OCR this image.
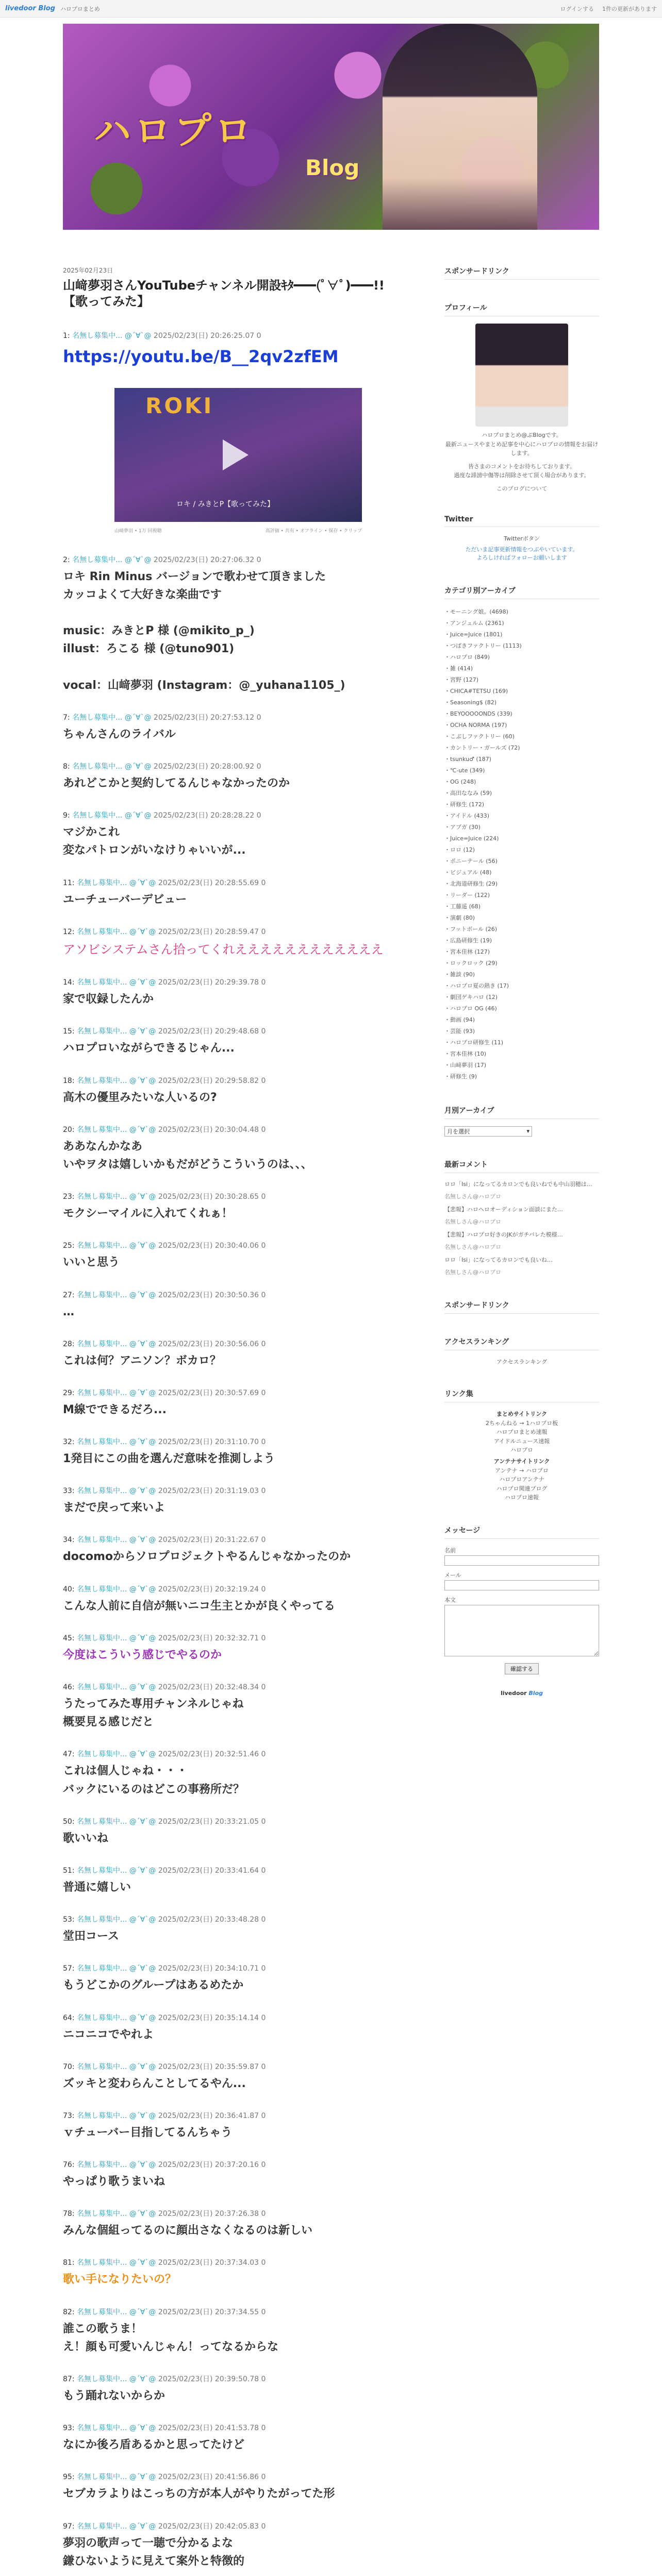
livedoor Blog ハロプロまとめ	ログインする 1件の更新があります
ハロプロ
Blog
2025年02月23日
山﨑夢羽さんYouTubeチャンネル開設ｷﾀ━━━(ﾟ∀ﾟ)━━━!!【歌ってみた】
1: 名無し募集中... @ˊ∀ˋ@ 2025/02/23(日) 20:26:25.07 0
https://youtu.be/B__2qv2zfEM
ROKI
ロキ / みきとP【歌ってみた】
山﨑夢羽 • 1万 回視聴	高評価 • 共有 • オフライン • 保存 • クリップ
2: 名無し募集中... @ˊ∀ˋ@ 2025/02/23(日) 20:27:06.32 0
ロキ Rin Minus バージョンで歌わせて頂きました
カッコよくて大好きな楽曲です

music：みきとP 様 (@mikito_p_)
illust：ろこる 様 (@tuno901)

vocal：山﨑夢羽 (Instagram：@_yuhana1105_)
7: 名無し募集中... @ˊ∀ˋ@ 2025/02/23(日) 20:27:53.12 0
ちゃんさんのライバル
8: 名無し募集中... @ˊ∀ˋ@ 2025/02/23(日) 20:28:00.92 0
あれどこかと契約してるんじゃなかったのか
9: 名無し募集中... @ˊ∀ˋ@ 2025/02/23(日) 20:28:28.22 0
マジかこれ
変なパトロンがいなけりゃいいが...
11: 名無し募集中... @ˊ∀ˋ@ 2025/02/23(日) 20:28:55.69 0
ユーチューバーデビュー
12: 名無し募集中... @ˊ∀ˋ@ 2025/02/23(日) 20:28:59.47 0
アソビシステムさん拾ってくれええええええええええええ
14: 名無し募集中... @ˊ∀ˋ@ 2025/02/23(日) 20:29:39.78 0
家で収録したんか
15: 名無し募集中... @ˊ∀ˋ@ 2025/02/23(日) 20:29:48.68 0
ハロプロいながらできるじゃん...
18: 名無し募集中... @ˊ∀ˋ@ 2025/02/23(日) 20:29:58.82 0
高木の優里みたいな人いるの?
20: 名無し募集中... @ˊ∀ˋ@ 2025/02/23(日) 20:30:04.48 0
ああなんかなあ
いやヲタは嬉しいかもだがどうこういうのは、、、
23: 名無し募集中... @ˊ∀ˋ@ 2025/02/23(日) 20:30:28.65 0
モクシーマイルに入れてくれぁ！
25: 名無し募集中... @ˊ∀ˋ@ 2025/02/23(日) 20:30:40.06 0
いいと思う
27: 名無し募集中... @ˊ∀ˋ@ 2025/02/23(日) 20:30:50.36 0
…
28: 名無し募集中... @ˊ∀ˋ@ 2025/02/23(日) 20:30:56.06 0
これは何？アニソン？ボカロ？
29: 名無し募集中... @ˊ∀ˋ@ 2025/02/23(日) 20:30:57.69 0
M線でできるだろ...
32: 名無し募集中... @ˊ∀ˋ@ 2025/02/23(日) 20:31:10.70 0
1発目にこの曲を選んだ意味を推測しよう
33: 名無し募集中... @ˊ∀ˋ@ 2025/02/23(日) 20:31:19.03 0
まだで戻って来いよ
34: 名無し募集中... @ˊ∀ˋ@ 2025/02/23(日) 20:31:22.67 0
docomoからソロプロジェクトやるんじゃなかったのか
40: 名無し募集中... @ˊ∀ˋ@ 2025/02/23(日) 20:32:19.24 0
こんな人前に自信が無いニコ生主とかが良くやってる
45: 名無し募集中... @ˊ∀ˋ@ 2025/02/23(日) 20:32:32.71 0
今度はこういう感じでやるのか
46: 名無し募集中... @ˊ∀ˋ@ 2025/02/23(日) 20:32:48.34 0
うたってみた専用チャンネルじゃね
概要見る感じだと
47: 名無し募集中... @ˊ∀ˋ@ 2025/02/23(日) 20:32:51.46 0
これは個人じゃね・・・
バックにいるのはどこの事務所だ？
50: 名無し募集中... @ˊ∀ˋ@ 2025/02/23(日) 20:33:21.05 0
歌いいね
51: 名無し募集中... @ˊ∀ˋ@ 2025/02/23(日) 20:33:41.64 0
普通に嬉しい
53: 名無し募集中... @ˊ∀ˋ@ 2025/02/23(日) 20:33:48.28 0
堂田コース
57: 名無し募集中... @ˊ∀ˋ@ 2025/02/23(日) 20:34:10.71 0
もうどこかのグループはあるめたか
64: 名無し募集中... @ˊ∀ˋ@ 2025/02/23(日) 20:35:14.14 0
ニコニコでやれよ
70: 名無し募集中... @ˊ∀ˋ@ 2025/02/23(日) 20:35:59.87 0
ズッキと変わらんことしてるやん...
73: 名無し募集中... @ˊ∀ˋ@ 2025/02/23(日) 20:36:41.87 0
ｖチューバー目指してるんちゃう
76: 名無し募集中... @ˊ∀ˋ@ 2025/02/23(日) 20:37:20.16 0
やっぱり歌うまいね
78: 名無し募集中... @ˊ∀ˋ@ 2025/02/23(日) 20:37:26.38 0
みんな個組ってるのに顔出さなくなるのは新しい
81: 名無し募集中... @ˊ∀ˋ@ 2025/02/23(日) 20:37:34.03 0
歌い手になりたいの？
82: 名無し募集中... @ˊ∀ˋ@ 2025/02/23(日) 20:37:34.55 0
誰この歌うま！
え！顔も可愛いんじゃん！ってなるからな
87: 名無し募集中... @ˊ∀ˋ@ 2025/02/23(日) 20:39:50.78 0
もう踊れないからか
93: 名無し募集中... @ˊ∀ˋ@ 2025/02/23(日) 20:41:53.78 0
なにか後ろ盾あるかと思ってたけど
95: 名無し募集中... @ˊ∀ˋ@ 2025/02/23(日) 20:41:56.86 0
セブカラよりはこっちの方が本人がやりたがってた形
97: 名無し募集中... @ˊ∀ˋ@ 2025/02/23(日) 20:42:05.83 0
夢羽の歌声って一聴で分かるよな
鎌ひないように見えて案外と特徴的
スポンサードリンク
プロフィール
ハロプロまとめ@ぶBlogです。
最新ニュースやまとめ記事を中心にハロプロの情報をお届けします。
皆さまのコメントをお待ちしております。
過度な誹謗中傷等は削除させて頂く場合があります。
このブログについて
Twitter
Twitterボタン
ただいま記事更新情報をつぶやいています。
よろしければフォローお願いします
カテゴリ別アーカイブ
・ モーニング娘。(4698)
・ アンジュルム (2361)
・ Juice=Juice (1801)
・ つばきファクトリー (1113)
・ ハロプロ (849)
・ 雑 (414)
・ 宮野 (127)
・ CHICA#TETSU (169)
・ Seasoning$ (82)
・ BEYOOOOONDS (339)
・ OCHA NORMA (197)
・ こぶしファクトリー (60)
・ カントリー・ガールズ (72)
・ tsunku♂ (187)
・ ℃-ute (349)
・ OG (248)
・ 高田ななみ (59)
・ 研修生 (172)
・ アイドル (433)
・ アプガ (30)
・ Juice=Juice (224)
・ ロロ (12)
・ ポニーテール (56)
・ ビジュアル (48)
・ 北海道研修生 (29)
・ リーダー (122)
・ 工藤遥 (68)
・ 演劇 (80)
・ フットボール (26)
・ 広島研修生 (19)
・ 宮本佳林 (127)
・ ロックロック (29)
・ 雑談 (90)
・ ハロプロ夏の熱き (17)
・ 劇団ゲキハロ (12)
・ ハロプロ OG (46)
・ 動画 (94)
・ 芸能 (93)
・ ハロプロ研修生 (11)
・ 宮本佳林 (10)
・ 山﨑夢羽 (17)
・ 研修生 (9)
月別アーカイブ
月を選択	▾
最新コメント
ロロ「Isi」になってるカロンでも良いねでも中山羽穂は…
名無しさん@ハロプロ
【悲報】ハロヘロオーディション面談にまた…
名無しさん@ハロプロ
【悲報】ハロプロ好きのJKがガチバレた模様…
名無しさん@ハロプロ
ロロ「Isi」になってるカロンでも良いね…
名無しさん@ハロプロ
スポンサードリンク
アクセスランキング
アクセスランキング
リンク集
まとめサイトリンク
2ちゃんねる → 1ハロプロ板
ハロプロまとめ速報
アイドルニュース速報
ハロプロ
アンテナサイトリンク
アンテナ → ハロプロ
ハロプロアンテナ
ハロプロ関連ブログ
ハロプロ速報
メッセージ
名前
メール
本文
確認する
livedoor Blog
